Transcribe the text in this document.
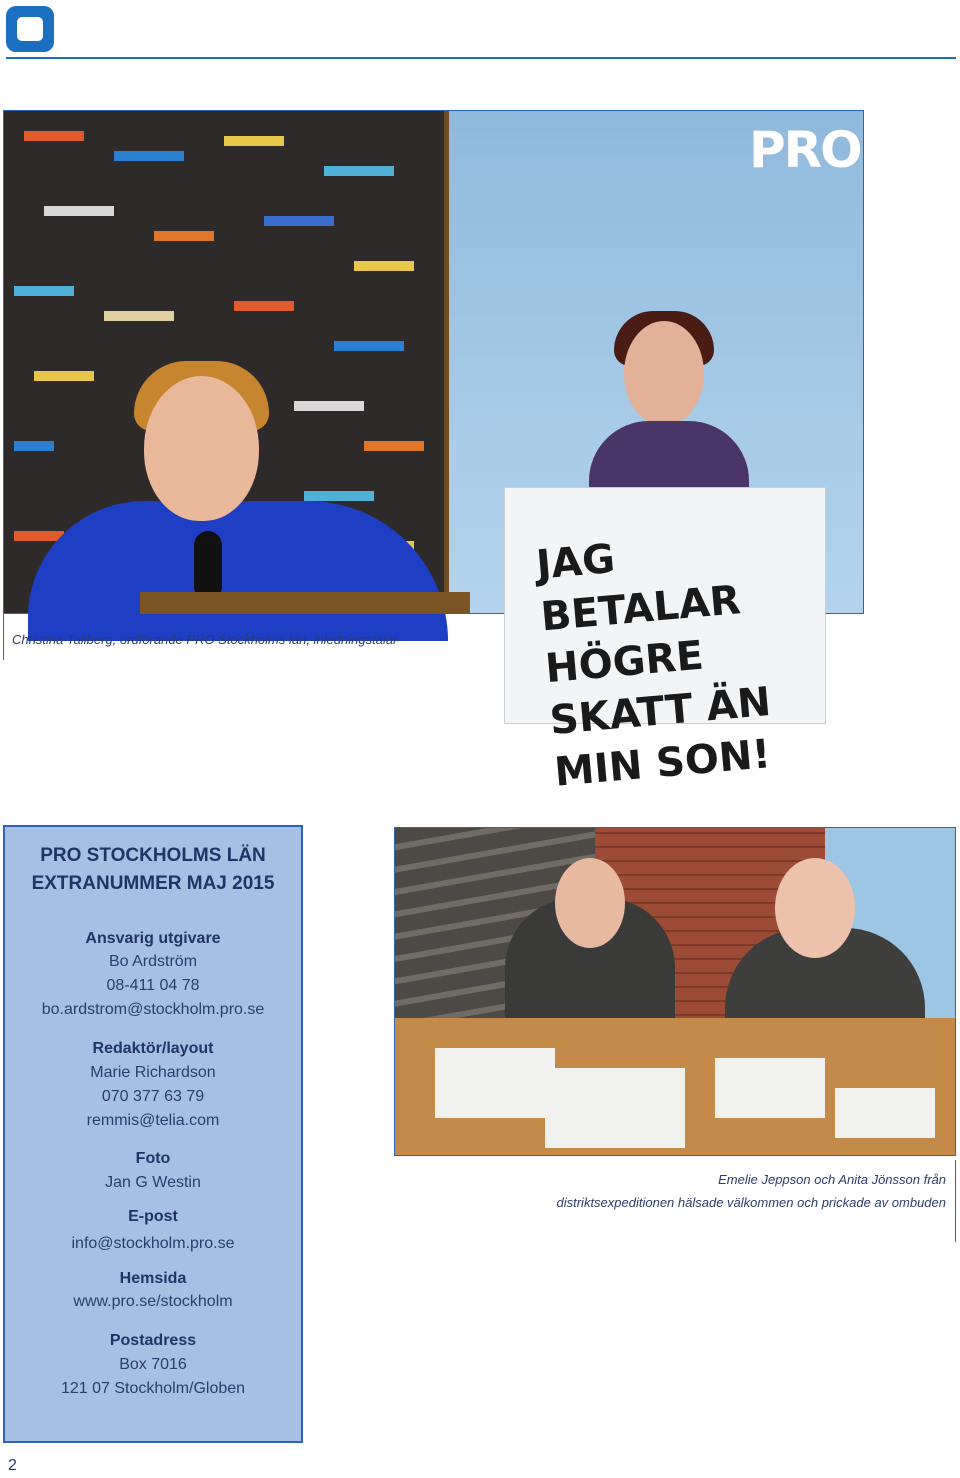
PRO
JAG BETALAR HÖGRE SKATT ÄN MIN SON!
Christina Tallberg, ordförande PRO Stockholms län, inledningstalar
PRO STOCKHOLMS LÄN
EXTRANUMMER MAJ 2015
Ansvarig utgivare
Bo Ardström
08-411 04 78
bo.ardstrom@stockholm.pro.se
Redaktör/layout
Marie Richardson
070 377 63 79
remmis@telia.com
Foto
Jan G Westin
E-post
info@stockholm.pro.se
Hemsida
www.pro.se/stockholm
Postadress
Box 7016
121 07 Stockholm/Globen
Emelie Jeppson och Anita Jönsson från
distriktsexpeditionen hälsade välkommen och prickade av ombuden
2
